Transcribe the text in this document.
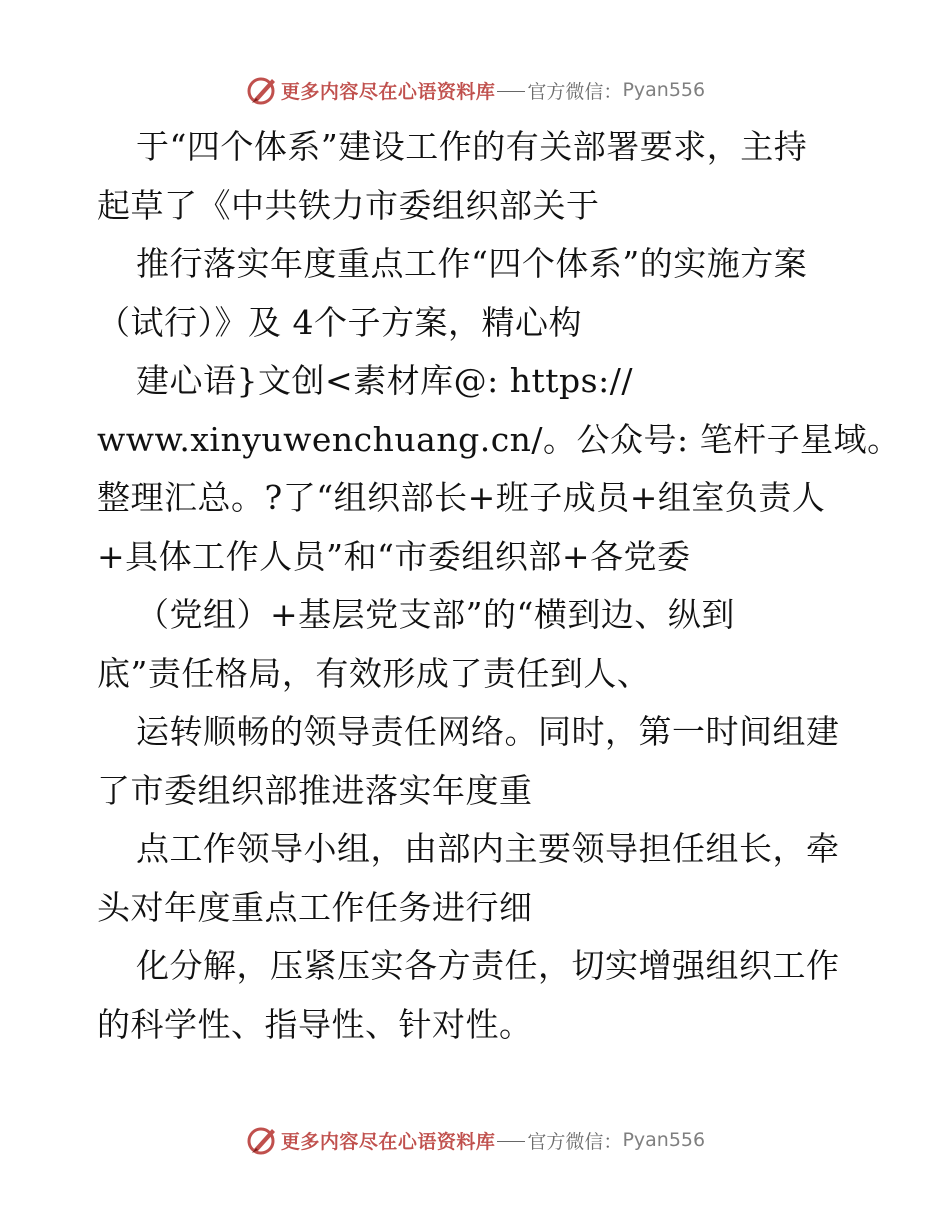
更多内容尽在心语资料库 官方微信： Pyan556
于“四个体系”建设工作的有关部署要求，主持
起草了《中共铁力市委组织部关于
推行落实年度重点工作“四个体系”的实施方案
（试行）》及 4个子方案，精心构
建心语}文创<素材库@: https://
www.xinyuwenchuang.cn/。公众号: 笔杆子星域。
整理汇总。?了“组织部长+班子成员+组室负责人
+具体工作人员”和“市委组织部+各党委
（党组）+基层党支部”的“横到边、纵到
底”责任格局，有效形成了责任到人、
运转顺畅的领导责任网络。同时，第一时间组建
了市委组织部推进落实年度重
点工作领导小组，由部内主要领导担任组长，牵
头对年度重点工作任务进行细
化分解，压紧压实各方责任，切实增强组织工作
的科学性、指导性、针对性。
更多内容尽在心语资料库 官方微信： Pyan556
